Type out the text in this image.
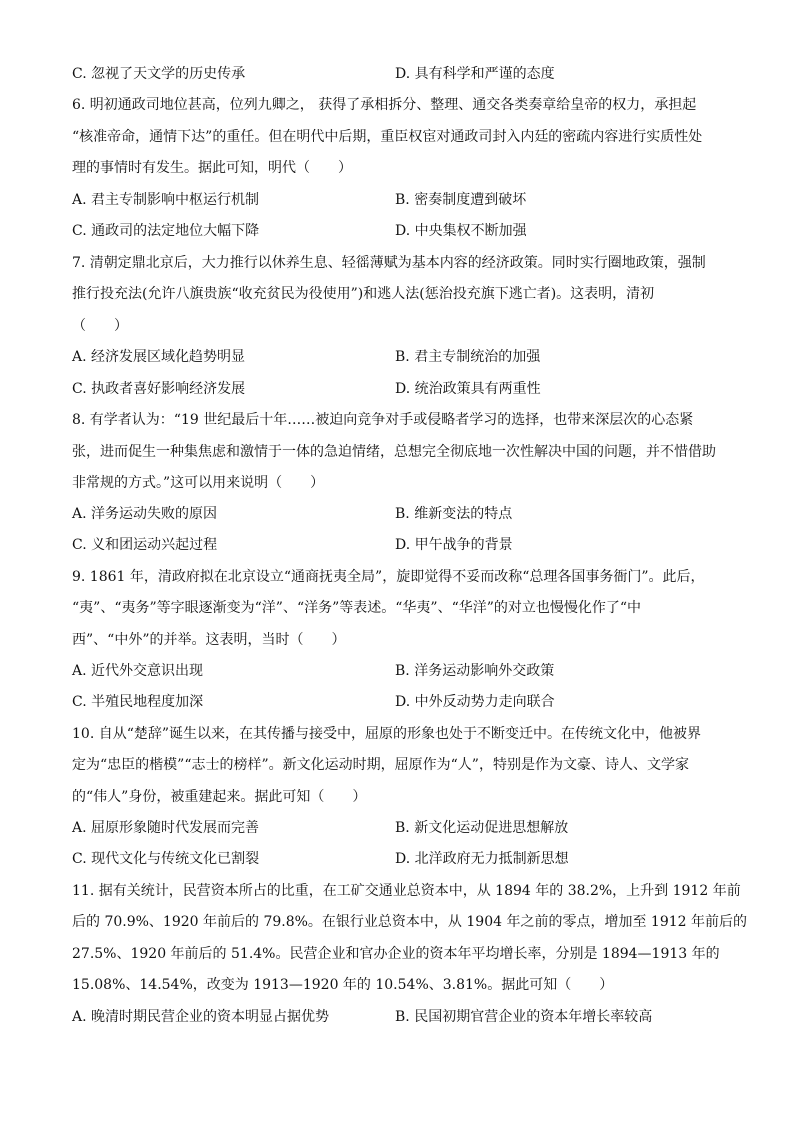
C. 忽视了天文学的历史传承	D. 具有科学和严谨的态度
6. 明初通政司地位甚高，位列九卿之， 获得了承相拆分、整理、通交各类奏章给皇帝的权力，承担起
“核准帝命，通情下达”的重任。但在明代中后期，重臣权宦对通政司封入内廷的密疏内容进行实质性处
理的事情时有发生。据此可知，明代（　　）
A. 君主专制影响中枢运行机制	B. 密奏制度遭到破坏
C. 通政司的法定地位大幅下降	D. 中央集权不断加强
7. 清朝定鼎北京后，大力推行以休养生息、轻徭薄赋为基本内容的经济政策。同时实行圈地政策，强制
推行投充法(允许八旗贵族“收充贫民为役使用”)和逃人法(惩治投充旗下逃亡者)。这表明，清初
（　　）
A. 经济发展区域化趋势明显	B. 君主专制统治的加强
C. 执政者喜好影响经济发展	D. 统治政策具有两重性
8. 有学者认为：“19 世纪最后十年……被迫向竞争对手或侵略者学习的选择，也带来深层次的心态紧
张，进而促生一种集焦虑和激情于一体的急迫情绪，总想完全彻底地一次性解决中国的问题，并不惜借助
非常规的方式。”这可以用来说明（　　）
A. 洋务运动失败的原因	B. 维新变法的特点
C. 义和团运动兴起过程	D. 甲午战争的背景
9. 1861 年，清政府拟在北京设立“通商抚夷全局”，旋即觉得不妥而改称“总理各国事务衙门”。此后，
“夷”、“夷务”等字眼逐渐变为“洋”、“洋务”等表述。“华夷”、“华洋”的对立也慢慢化作了“中
西”、“中外”的并举。这表明，当时（　　）
A. 近代外交意识出现	B. 洋务运动影响外交政策
C. 半殖民地程度加深	D. 中外反动势力走向联合
10. 自从“楚辞”诞生以来，在其传播与接受中，屈原的形象也处于不断变迁中。在传统文化中，他被界
定为“忠臣的楷模”“志士的榜样”。新文化运动时期，屈原作为“人”，特别是作为文豪、诗人、文学家
的“伟人”身份，被重建起来。据此可知（　　）
A. 屈原形象随时代发展而完善	B. 新文化运动促进思想解放
C. 现代文化与传统文化已割裂	D. 北洋政府无力抵制新思想
11. 据有关统计，民营资本所占的比重，在工矿交通业总资本中，从 1894 年的 38.2%，上升到 1912 年前
后的 70.9%、1920 年前后的 79.8%。在银行业总资本中，从 1904 年之前的零点，增加至 1912 年前后的
27.5%、1920 年前后的 51.4%。民营企业和官办企业的资本年平均增长率，分别是 1894—1913 年的
15.08%、14.54%，改变为 1913—1920 年的 10.54%、3.81%。据此可知（　　）
A. 晚清时期民营企业的资本明显占据优势	B. 民国初期官营企业的资本年增长率较高
